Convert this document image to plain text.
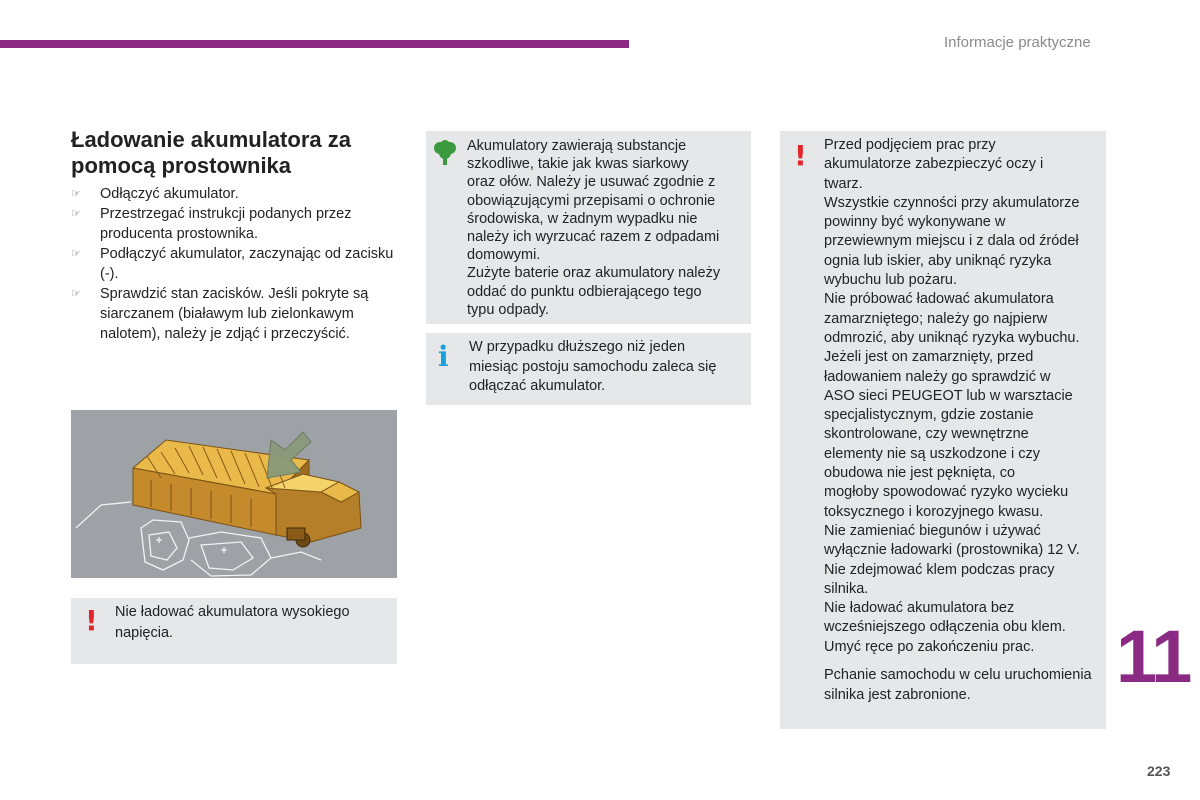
Informacje praktyczne
Ładowanie akumulatora za pomocą prostownika
☞ Odłączyć akumulator.
☞ Przestrzegać instrukcji podanych przez producenta prostownika.
☞ Podłączyć akumulator, zaczynając od zacisku (-).
☞ Sprawdzić stan zacisków. Jeśli pokryte są siarczanem (białawym lub zielonkawym nalotem), należy je zdjąć i przeczyścić.
! Nie ładować akumulatora wysokiego napięcia.
Akumulatory zawierają substancje
szkodliwe, takie jak kwas siarkowy
oraz ołów. Należy je usuwać zgodnie z
obowiązującymi przepisami o ochronie
środowiska, w żadnym wypadku nie
należy ich wyrzucać razem z odpadami
domowymi.
Zużyte baterie oraz akumulatory należy
oddać do punktu odbierającego tego
typu odpady.
i W przypadku dłuższego niż jeden
miesiąc postoju samochodu zaleca się
odłączać akumulator.
! Przed podjęciem prac przy
akumulatorze zabezpieczyć oczy i
twarz.
Wszystkie czynności przy akumulatorze
powinny być wykonywane w
przewiewnym miejscu i z dala od źródeł
ognia lub iskier, aby uniknąć ryzyka
wybuchu lub pożaru.
Nie próbować ładować akumulatora
zamarzniętego; należy go najpierw
odmrozić, aby uniknąć ryzyka wybuchu.
Jeżeli jest on zamarznięty, przed
ładowaniem należy go sprawdzić w
ASO sieci PEUGEOT lub w warsztacie
specjalistycznym, gdzie zostanie
skontrolowane, czy wewnętrzne
elementy nie są uszkodzone i czy
obudowa nie jest pęknięta, co
mogłoby spowodować ryzyko wycieku
toksycznego i korozyjnego kwasu.
Nie zamieniać biegunów i używać
wyłącznie ładowarki (prostownika) 12 V.
Nie zdejmować klem podczas pracy
silnika.
Nie ładować akumulatora bez
wcześniejszego odłączenia obu klem.
Umyć ręce po zakończeniu prac.
Pchanie samochodu w celu uruchomienia silnika jest zabronione.	11
223
